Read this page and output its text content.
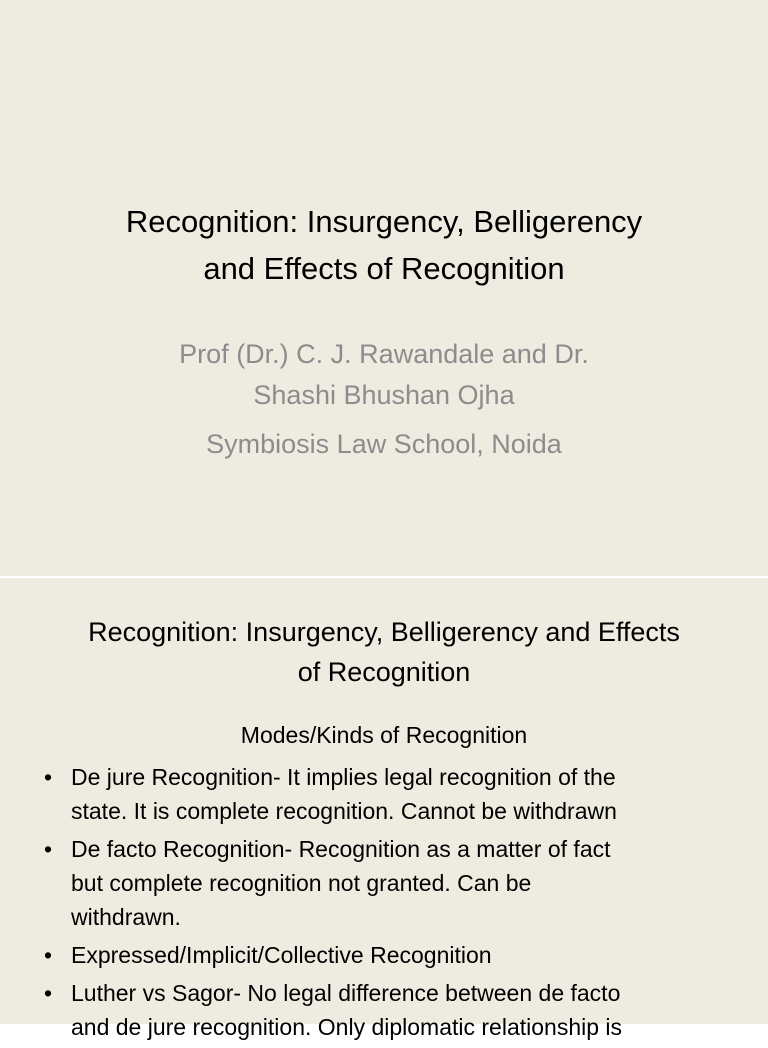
Recognition: Insurgency, Belligerency
and Effects of Recognition
Prof (Dr.) C. J. Rawandale and Dr.
Shashi Bhushan Ojha
Symbiosis Law School, Noida
Recognition: Insurgency, Belligerency and Effects
of Recognition
Modes/Kinds of Recognition
• De jure Recognition- It implies legal recognition of the
state. It is complete recognition. Cannot be withdrawn
• De facto Recognition- Recognition as a matter of fact
but complete recognition not granted. Can be
withdrawn.
• Expressed/Implicit/Collective Recognition
• Luther vs Sagor- No legal difference between de facto
and de jure recognition. Only diplomatic relationship is
